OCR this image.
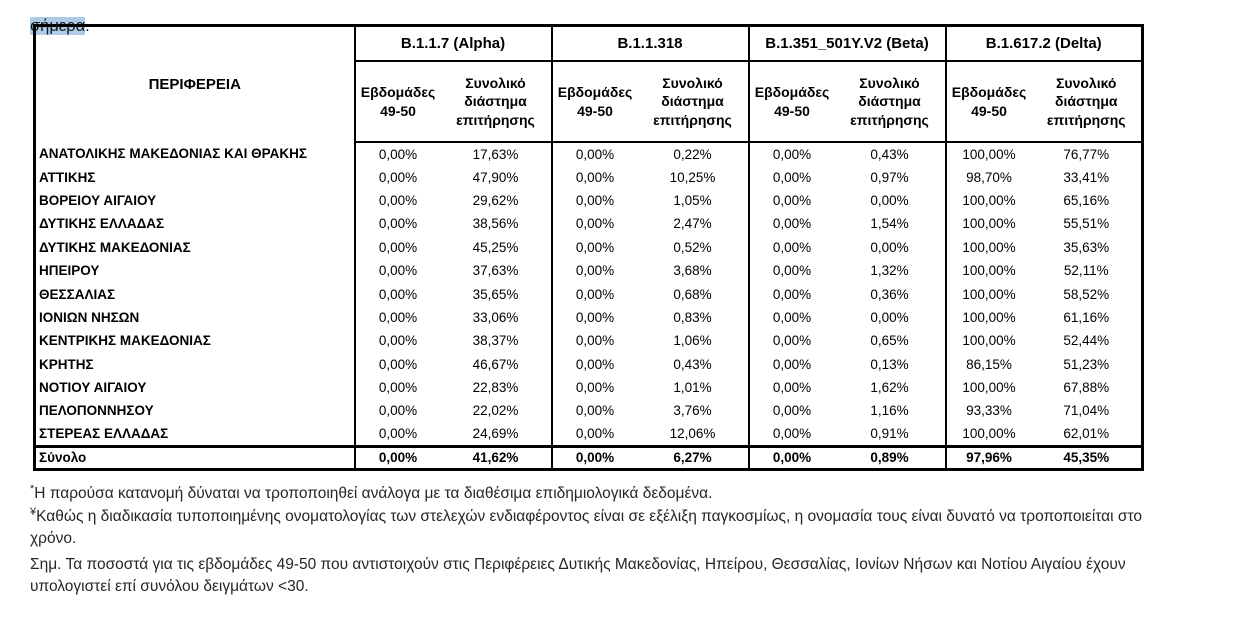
σήμερα.

ΠΕΡΙΦΕΡΕΙΑ	B.1.1.7 (Alpha)		B.1.1.318		B.1.351_501Y.V2 (Beta)		B.1.617.2 (Delta)	
	Εβδομάδες 49-50	Συνολικό διάστημα επιτήρησης	Εβδομάδες 49-50	Συνολικό διάστημα επιτήρησης	Εβδομάδες 49-50	Συνολικό διάστημα επιτήρησης	Εβδομάδες 49-50	Συνολικό διάστημα επιτήρησης
ΑΝΑΤΟΛΙΚΗΣ ΜΑΚΕΔΟΝΙΑΣ ΚΑΙ ΘΡΑΚΗΣ	0,00%	17,63%	0,00%	0,22%	0,00%	0,43%	100,00%	76,77%
ΑΤΤΙΚΗΣ	0,00%	47,90%	0,00%	10,25%	0,00%	0,97%	98,70%	33,41%
ΒΟΡΕΙΟΥ ΑΙΓΑΙΟΥ	0,00%	29,62%	0,00%	1,05%	0,00%	0,00%	100,00%	65,16%
ΔΥΤΙΚΗΣ ΕΛΛΑΔΑΣ	0,00%	38,56%	0,00%	2,47%	0,00%	1,54%	100,00%	55,51%
ΔΥΤΙΚΗΣ ΜΑΚΕΔΟΝΙΑΣ	0,00%	45,25%	0,00%	0,52%	0,00%	0,00%	100,00%	35,63%
ΗΠΕΙΡΟΥ	0,00%	37,63%	0,00%	3,68%	0,00%	1,32%	100,00%	52,11%
ΘΕΣΣΑΛΙΑΣ	0,00%	35,65%	0,00%	0,68%	0,00%	0,36%	100,00%	58,52%
ΙΟΝΙΩΝ ΝΗΣΩΝ	0,00%	33,06%	0,00%	0,83%	0,00%	0,00%	100,00%	61,16%
ΚΕΝΤΡΙΚΗΣ ΜΑΚΕΔΟΝΙΑΣ	0,00%	38,37%	0,00%	1,06%	0,00%	0,65%	100,00%	52,44%
ΚΡΗΤΗΣ	0,00%	46,67%	0,00%	0,43%	0,00%	0,13%	86,15%	51,23%
ΝΟΤΙΟΥ ΑΙΓΑΙΟΥ	0,00%	22,83%	0,00%	1,01%	0,00%	1,62%	100,00%	67,88%
ΠΕΛΟΠΟΝΝΗΣΟΥ	0,00%	22,02%	0,00%	3,76%	0,00%	1,16%	93,33%	71,04%
ΣΤΕΡΕΑΣ ΕΛΛΑΔΑΣ	0,00%	24,69%	0,00%	12,06%	0,00%	0,91%	100,00%	62,01%
Σύνολο	0,00%	41,62%	0,00%	6,27%	0,00%	0,89%	97,96%	45,35%

*Η παρούσα κατανομή δύναται να τροποποιηθεί ανάλογα με τα διαθέσιμα επιδημιολογικά δεδομένα.

¥Καθώς η διαδικασία τυποποιημένης ονοματολογίας των στελεχών ενδιαφέροντος είναι σε εξέλιξη παγκοσμίως, η ονομασία τους είναι δυνατό να τροποποιείται στο χρόνο.

Σημ. Τα ποσοστά για τις εβδομάδες 49-50 που αντιστοιχούν στις Περιφέρειες Δυτικής Μακεδονίας, Ηπείρου, Θεσσαλίας, Ιονίων Νήσων και Νοτίου Αιγαίου έχουν υπολογιστεί επί συνόλου δειγμάτων <30.
